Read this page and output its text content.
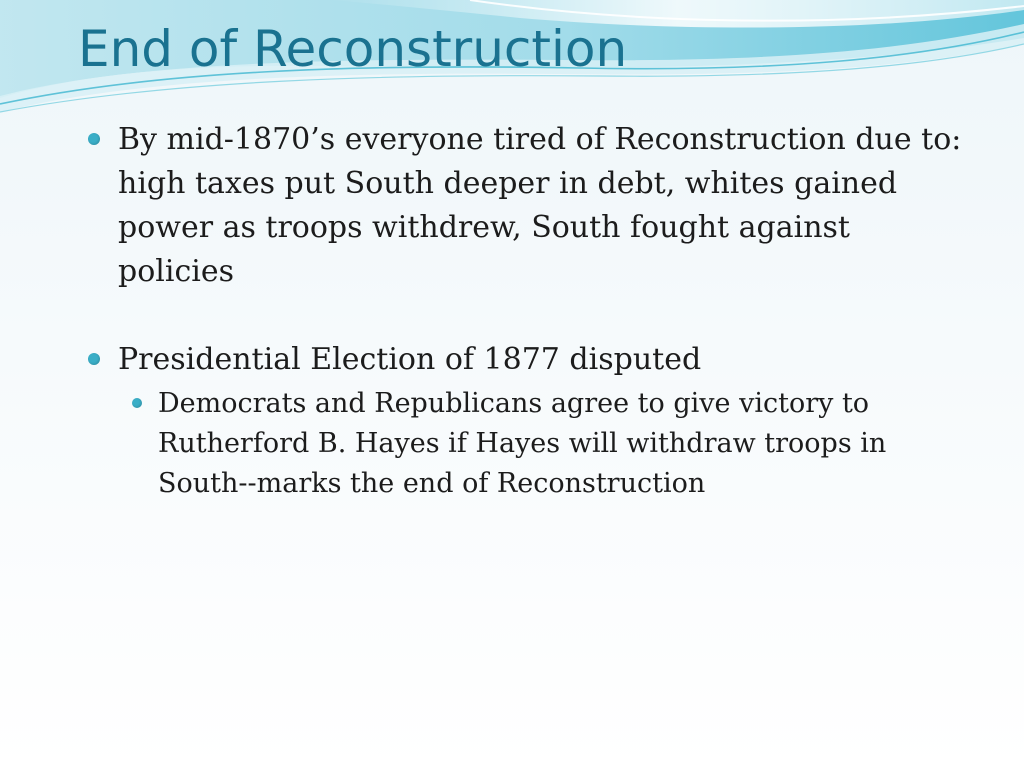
End of Reconstruction
By mid-1870’s everyone tired of Reconstruction due to: high taxes put South deeper in debt, whites gained power as troops withdrew, South fought against policies
Presidential Election of 1877 disputed
Democrats and Republicans agree to give victory to Rutherford B. Hayes if Hayes will withdraw troops in South--marks the end of Reconstruction
